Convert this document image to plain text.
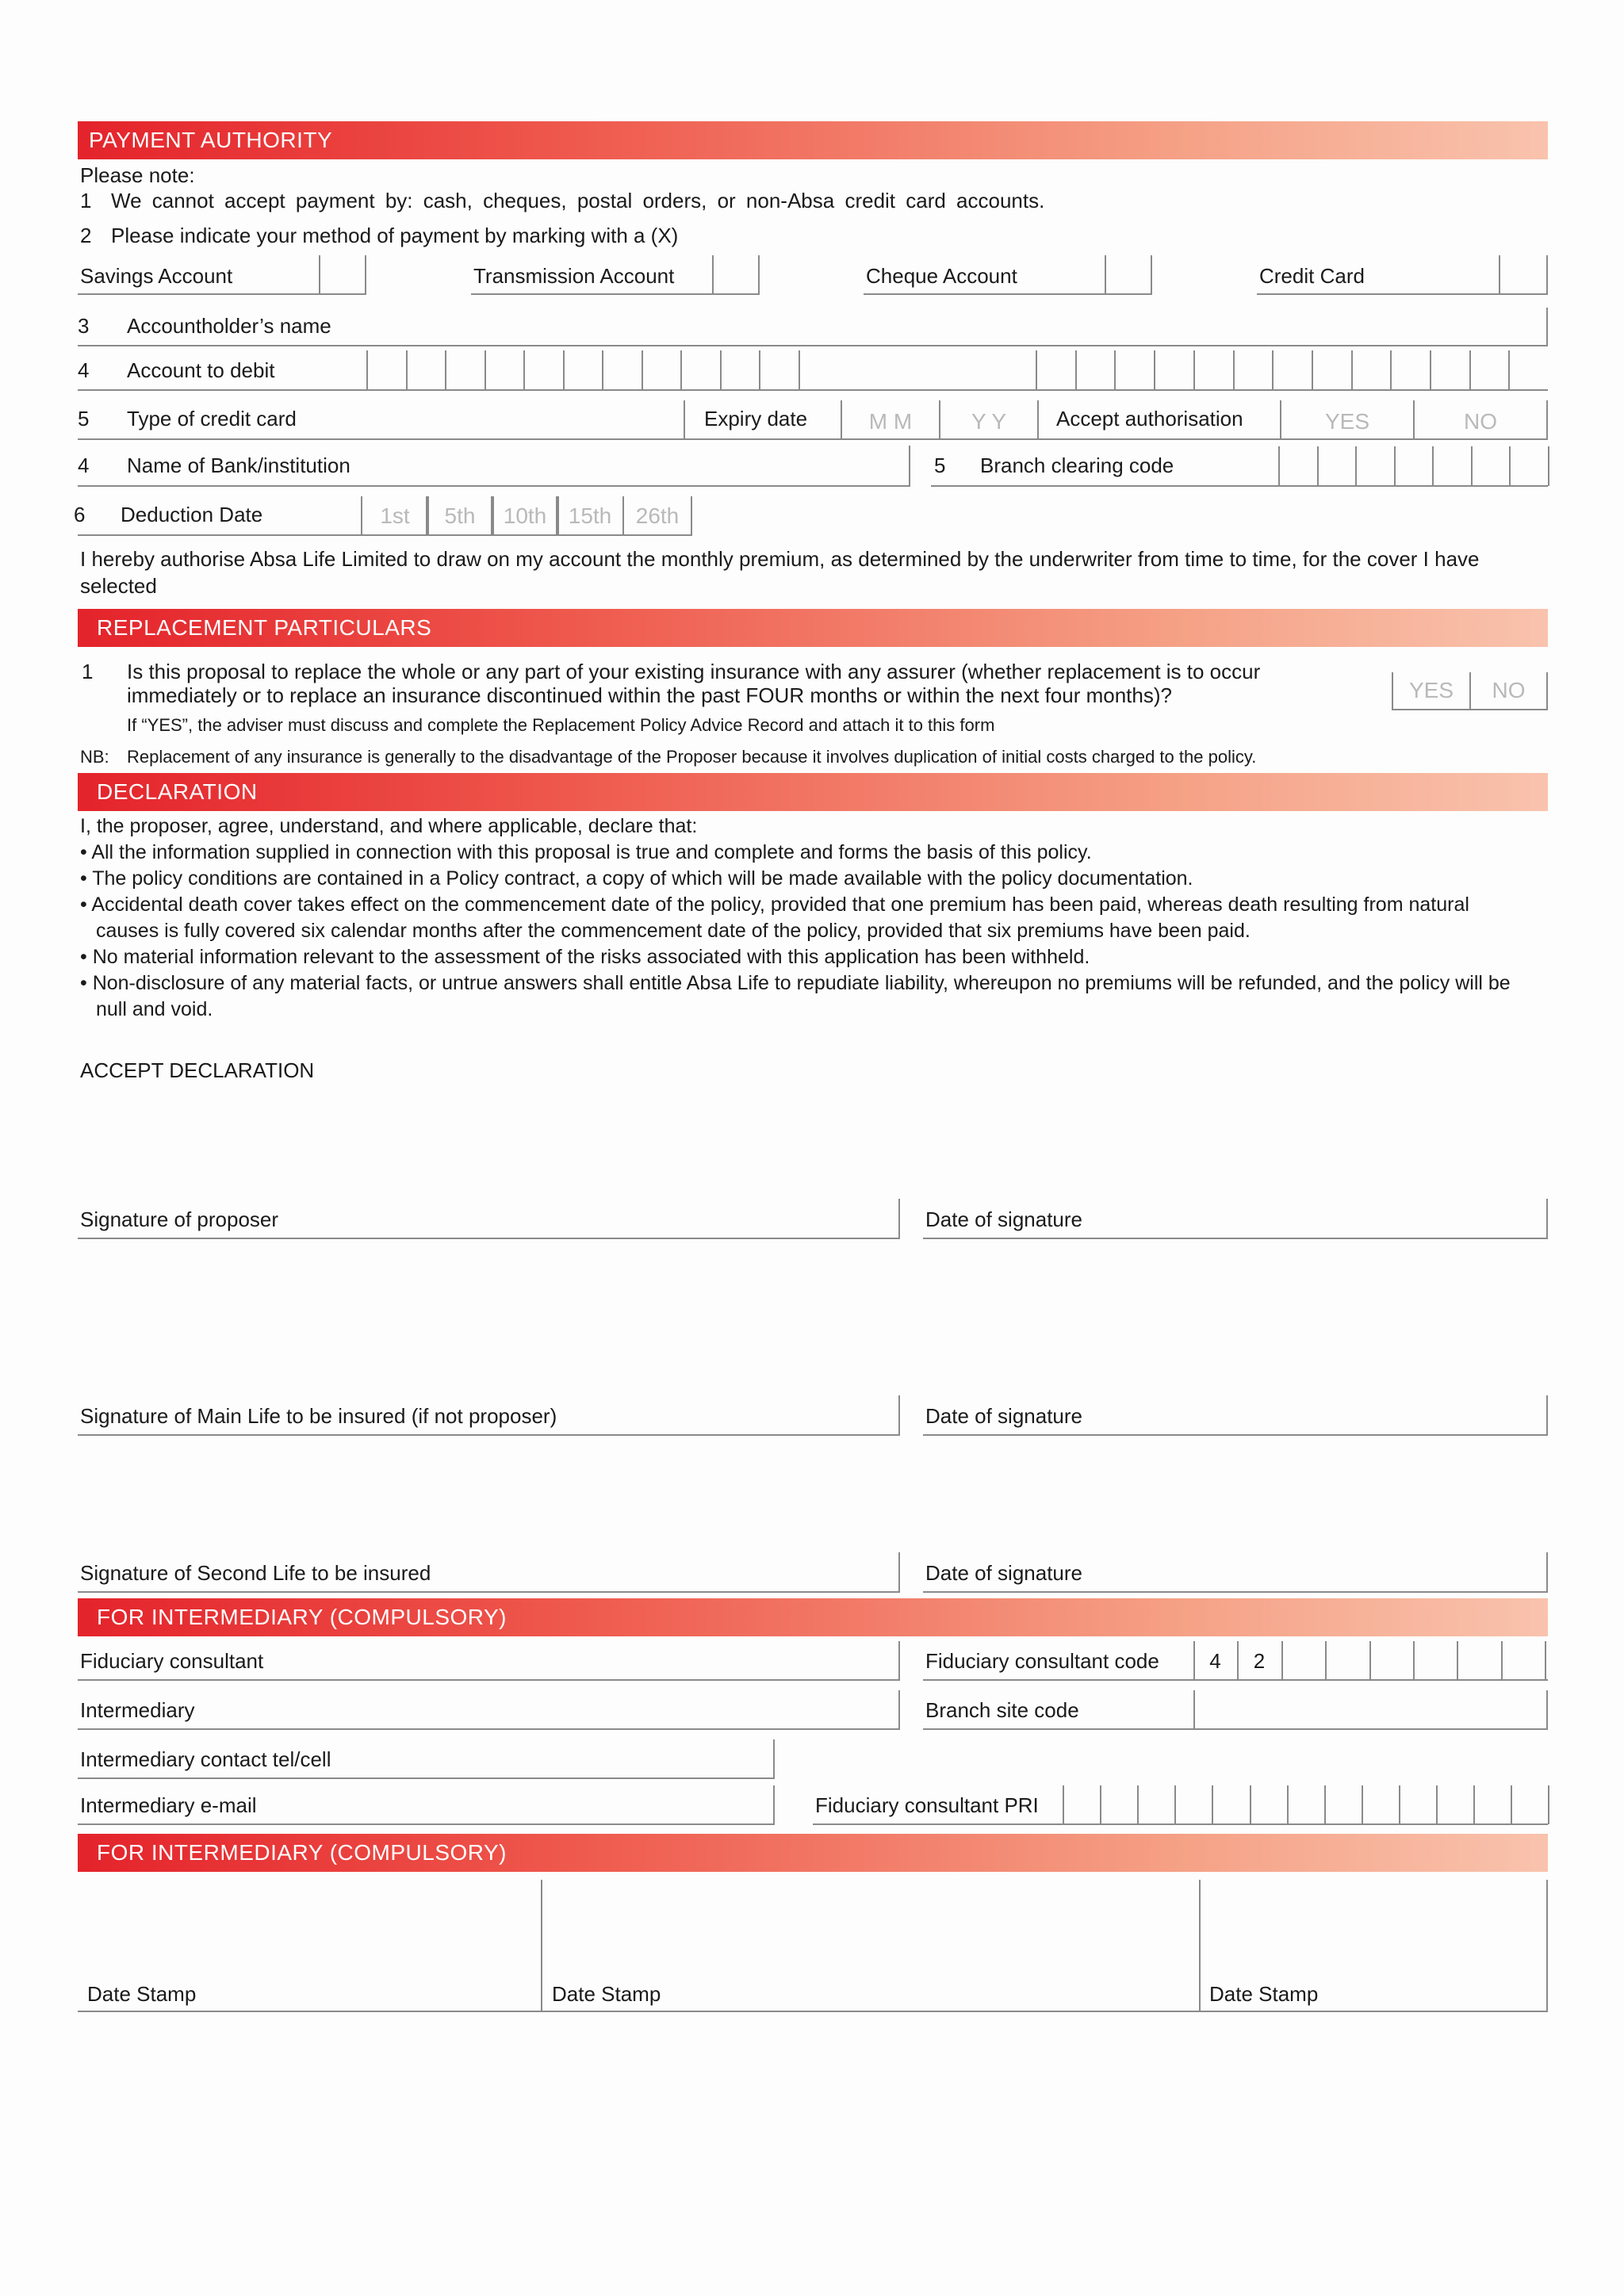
PAYMENT AUTHORITY
Please note:
1 We cannot accept payment by: cash, cheques, postal orders, or non-Absa credit card accounts.
2 Please indicate your method of payment by marking with a (X)
Savings Account	Transmission Account	Cheque Account	Credit Card
3 Accountholder’s name
4 Account to debit
5 Type of credit card	Expiry date	M M	Y Y	Accept authorisation	YES	NO
4 Name of Bank/institution	5 Branch clearing code
6 Deduction Date	1st	5th	10th 15th	26th
I hereby authorise Absa Life Limited to draw on my account the monthly premium, as determined by the underwriter from time to time, for the cover I have
selected
REPLACEMENT PARTICULARS
1 Is this proposal to replace the whole or any part of your existing insurance with any assurer (whether replacement is to occur
immediately or to replace an insurance discontinued within the past FOUR months or within the next four months)?	YES	NO
If “YES”, the adviser must discuss and complete the Replacement Policy Advice Record and attach it to this form
NB: Replacement of any insurance is generally to the disadvantage of the Proposer because it involves duplication of initial costs charged to the policy.
DECLARATION
I, the proposer, agree, understand, and where applicable, declare that:
• All the information supplied in connection with this proposal is true and complete and forms the basis of this policy.
• The policy conditions are contained in a Policy contract, a copy of which will be made available with the policy documentation.
• Accidental death cover takes effect on the commencement date of the policy, provided that one premium has been paid, whereas death resulting from natural
causes is fully covered six calendar months after the commencement date of the policy, provided that six premiums have been paid.
• No material information relevant to the assessment of the risks associated with this application has been withheld.
• Non-disclosure of any material facts, or untrue answers shall entitle Absa Life to repudiate liability, whereupon no premiums will be refunded, and the policy will be
null and void.
ACCEPT DECLARATION
Signature of proposer	Date of signature
Signature of Main Life to be insured (if not proposer)	Date of signature
Signature of Second Life to be insured	Date of signature
FOR INTERMEDIARY (COMPULSORY)
Fiduciary consultant	Fiduciary consultant code	4	2
Intermediary	Branch site code
Intermediary contact tel/cell
Intermediary e-mail	Fiduciary consultant PRI
FOR INTERMEDIARY (COMPULSORY)
Date Stamp	Date Stamp	Date Stamp
